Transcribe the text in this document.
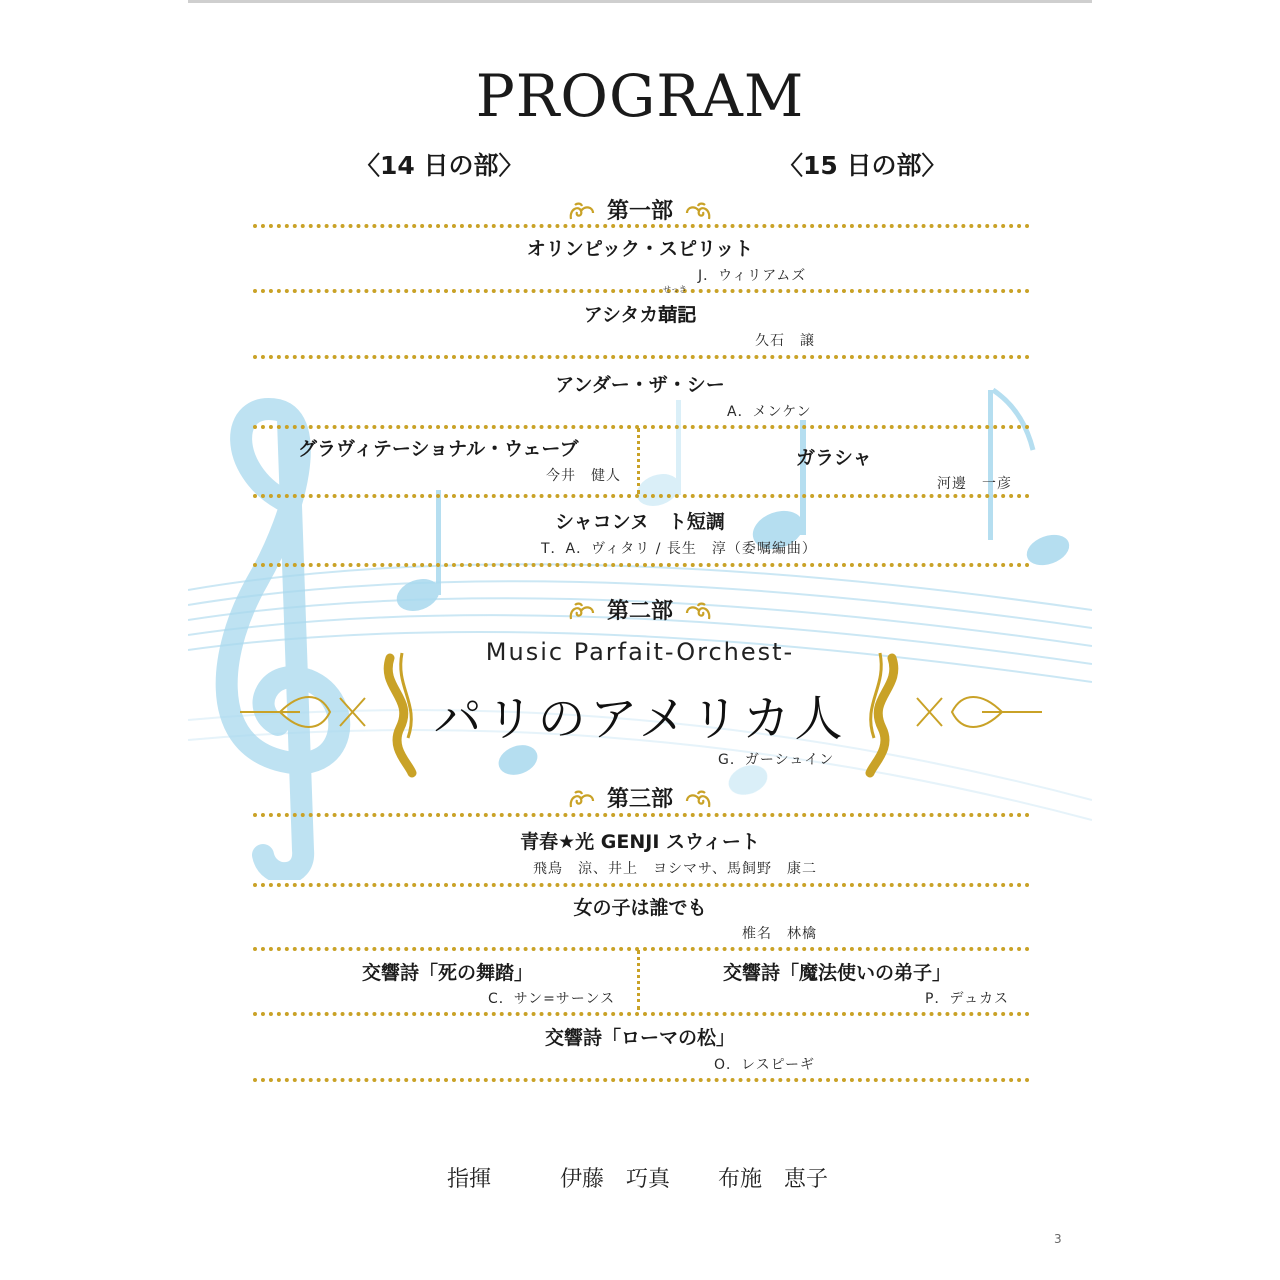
PROGRAM
〈14 日の部〉	〈15 日の部〉
第一部
オリンピック・スピリット
J．ウィリアムズ
せっき
アシタカ𦻙記
久石　譲
アンダー・ザ・シー
A．メンケン
グラヴィテーショナル・ウェーブ
今井　健人
ガラシャ
河邊　一彦
シャコンヌ　ト短調
T．A．ヴィタリ / 長生　淳（委嘱編曲）
第二部
Music Parfait-Orchest-
パリのアメリカ人
G．ガーシュイン
第三部
青春★光 GENJI スウィート
飛鳥　涼、井上　ヨシマサ、馬飼野　康二
女の子は誰でも
椎名　林檎
交響詩「死の舞踏」
C．サン=サーンス
交響詩「魔法使いの弟子」
P．デュカス
交響詩「ローマの松」
O．レスピーギ
指揮	伊藤　巧真 布施　恵子
3
